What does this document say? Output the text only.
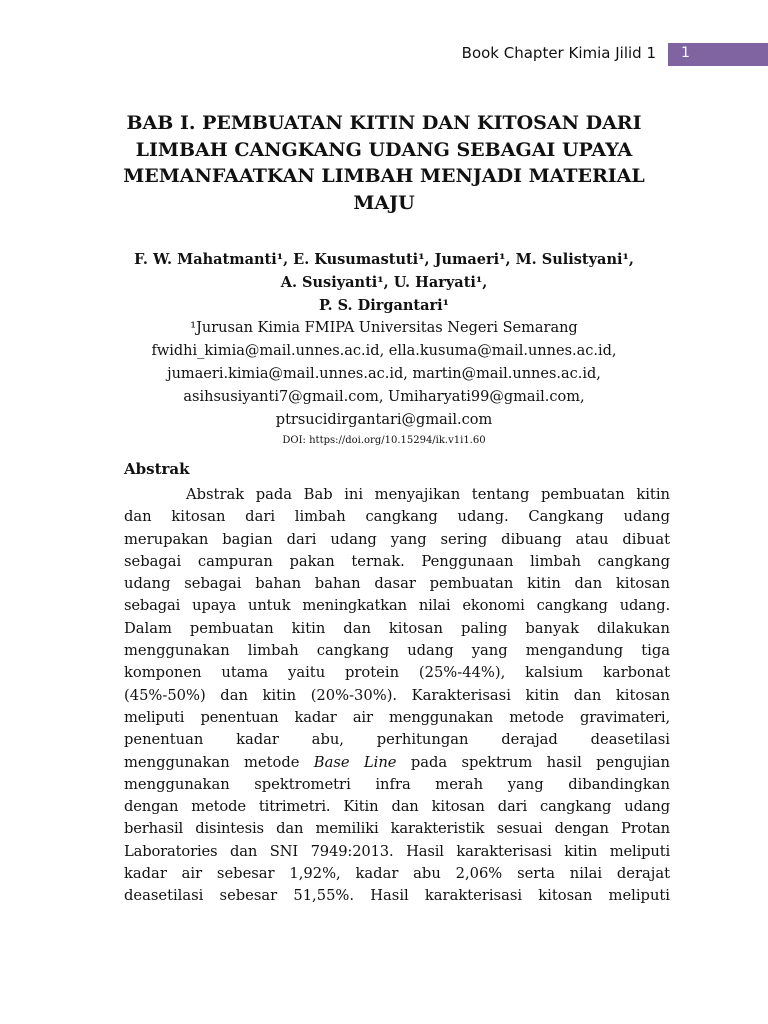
Book Chapter Kimia Jilid 1 1
BAB I. PEMBUATAN KITIN DAN KITOSAN DARI
LIMBAH CANGKANG UDANG SEBAGAI UPAYA
MEMANFAATKAN LIMBAH MENJADI MATERIAL
MAJU

F. W. Mahatmanti¹, E. Kusumastuti¹, Jumaeri¹, M. Sulistyani¹,
A. Susiyanti¹, U. Haryati¹,
P. S. Dirgantari¹

¹Jurusan Kimia FMIPA Universitas Negeri Semarang

fwidhi_kimia@mail.unnes.ac.id, ella.kusuma@mail.unnes.ac.id,
jumaeri.kimia@mail.unnes.ac.id, martin@mail.unnes.ac.id,
asihsusiyanti7@gmail.com, Umiharyati99@gmail.com,
ptrsucidirgantari@gmail.com

DOI: https://doi.org/10.15294/ik.v1i1.60

Abstrak

Abstrak pada Bab ini menyajikan tentang pembuatan kitin
dan kitosan dari limbah cangkang udang. Cangkang udang
merupakan bagian dari udang yang sering dibuang atau dibuat
sebagai campuran pakan ternak. Penggunaan limbah cangkang
udang sebagai bahan bahan dasar pembuatan kitin dan kitosan
sebagai upaya untuk meningkatkan nilai ekonomi cangkang udang.
Dalam pembuatan kitin dan kitosan paling banyak dilakukan
menggunakan limbah cangkang udang yang mengandung tiga
komponen utama yaitu protein (25%-44%), kalsium karbonat
(45%-50%) dan kitin (20%-30%). Karakterisasi kitin dan kitosan
meliputi penentuan kadar air menggunakan metode gravimateri,
penentuan kadar abu, perhitungan derajad deasetilasi
menggunakan metode Base Line pada spektrum hasil pengujian
menggunakan spektrometri infra merah yang dibandingkan
dengan metode titrimetri. Kitin dan kitosan dari cangkang udang
berhasil disintesis dan memiliki karakteristik sesuai dengan Protan
Laboratories dan SNI 7949:2013. Hasil karakterisasi kitin meliputi
kadar air sebesar 1,92%, kadar abu 2,06% serta nilai derajat
deasetilasi sebesar 51,55%. Hasil karakterisasi kitosan meliputi
